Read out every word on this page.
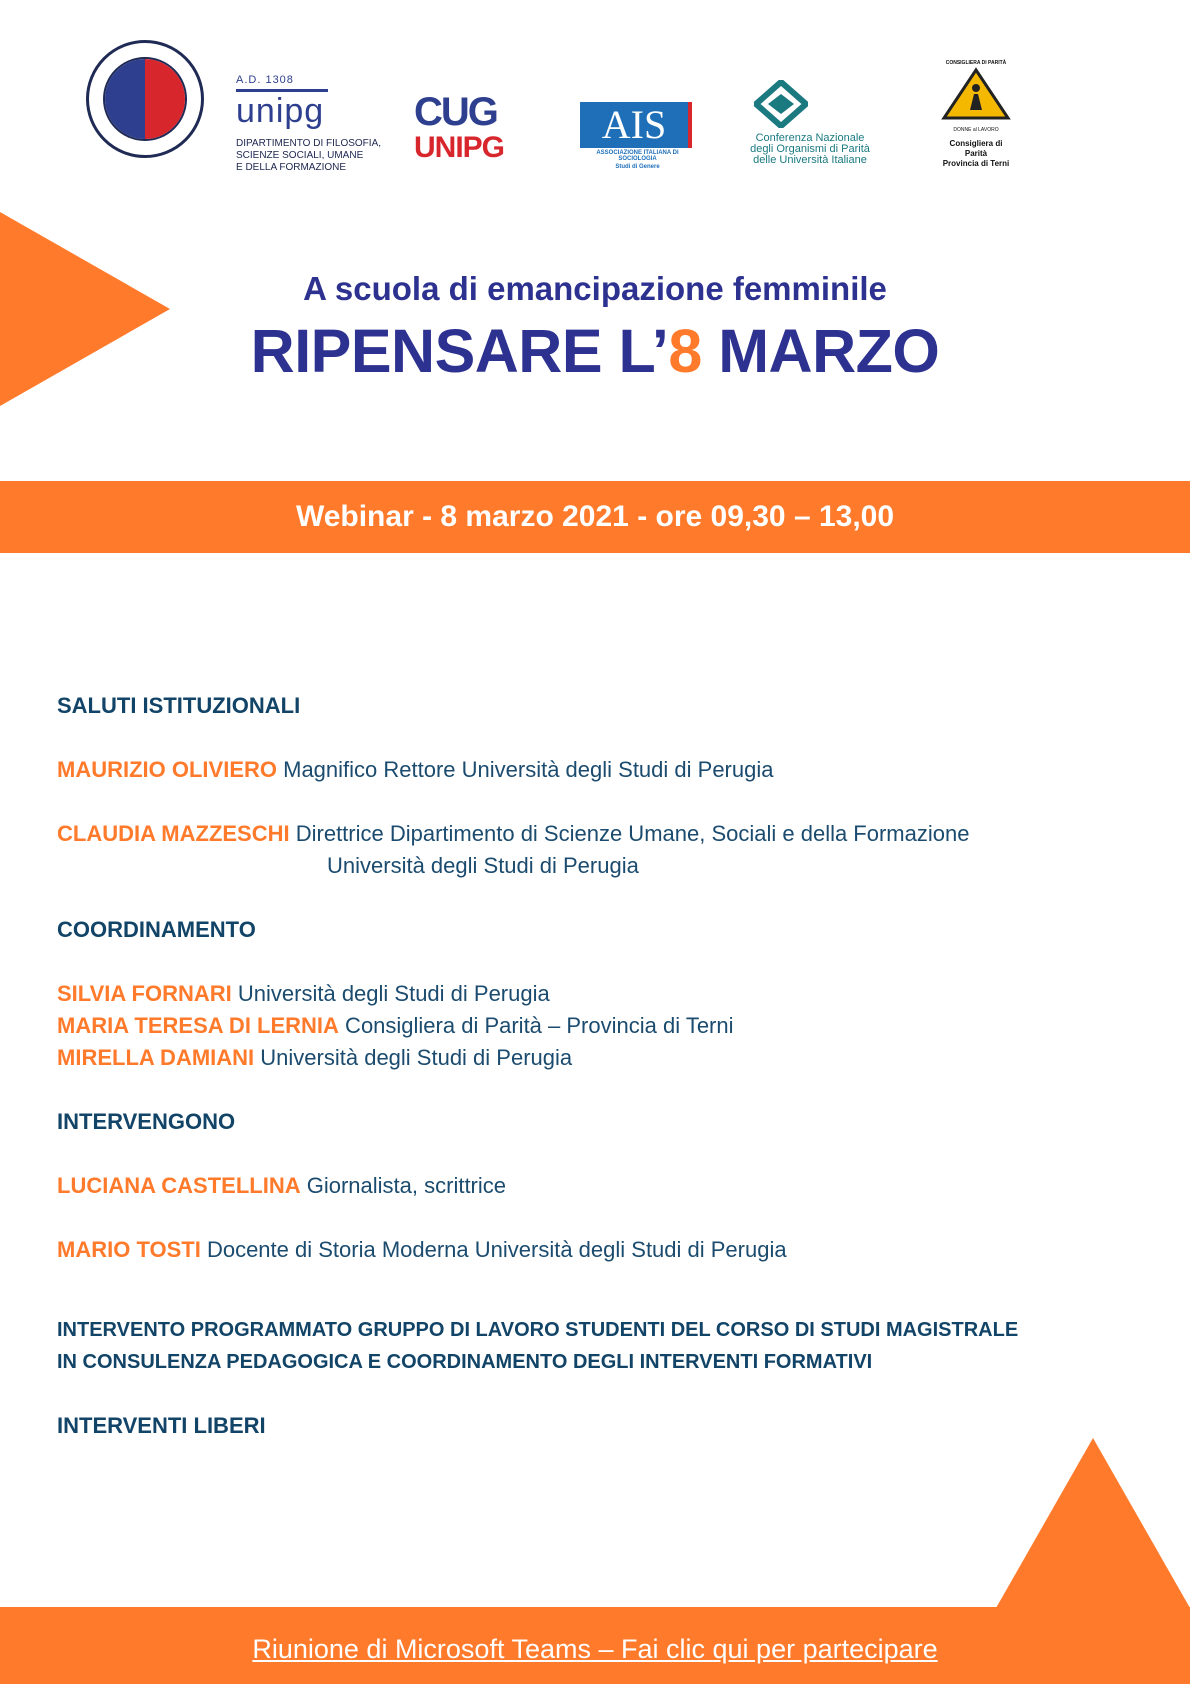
A.D. 1308
unipg
DIPARTIMENTO DI FILOSOFIA,
SCIENZE SOCIALI, UMANE
E DELLA FORMAZIONE
CUG
UNIPG
AIS
ASSOCIAZIONE ITALIANA DI SOCIOLOGIA
Studi di Genere
Conferenza Nazionale
degli Organismi di Parità
delle Università Italiane
CONSIGLIERA DI PARITÀ
DONNE al LAVORO
Consigliera di Parità
Provincia di Terni
A scuola di emancipazione femminile
RIPENSARE L’8 MARZO
Webinar - 8 marzo 2021 - ore 09,30 – 13,00
SALUTI ISTITUZIONALI
MAURIZIO OLIVIERO Magnifico Rettore Università degli Studi di Perugia
CLAUDIA MAZZESCHI Direttrice Dipartimento di Scienze Umane, Sociali e della Formazione
Università degli Studi di Perugia
COORDINAMENTO
SILVIA FORNARI Università degli Studi di Perugia
MARIA TERESA DI LERNIA Consigliera di Parità – Provincia di Terni
MIRELLA DAMIANI Università degli Studi di Perugia
INTERVENGONO
LUCIANA CASTELLINA Giornalista, scrittrice
MARIO TOSTI Docente di Storia Moderna Università degli Studi di Perugia
INTERVENTO PROGRAMMATO GRUPPO DI LAVORO STUDENTI DEL CORSO DI STUDI MAGISTRALE
IN CONSULENZA PEDAGOGICA E COORDINAMENTO DEGLI INTERVENTI FORMATIVI
INTERVENTI LIBERI
Riunione di Microsoft Teams – Fai clic qui per partecipare
